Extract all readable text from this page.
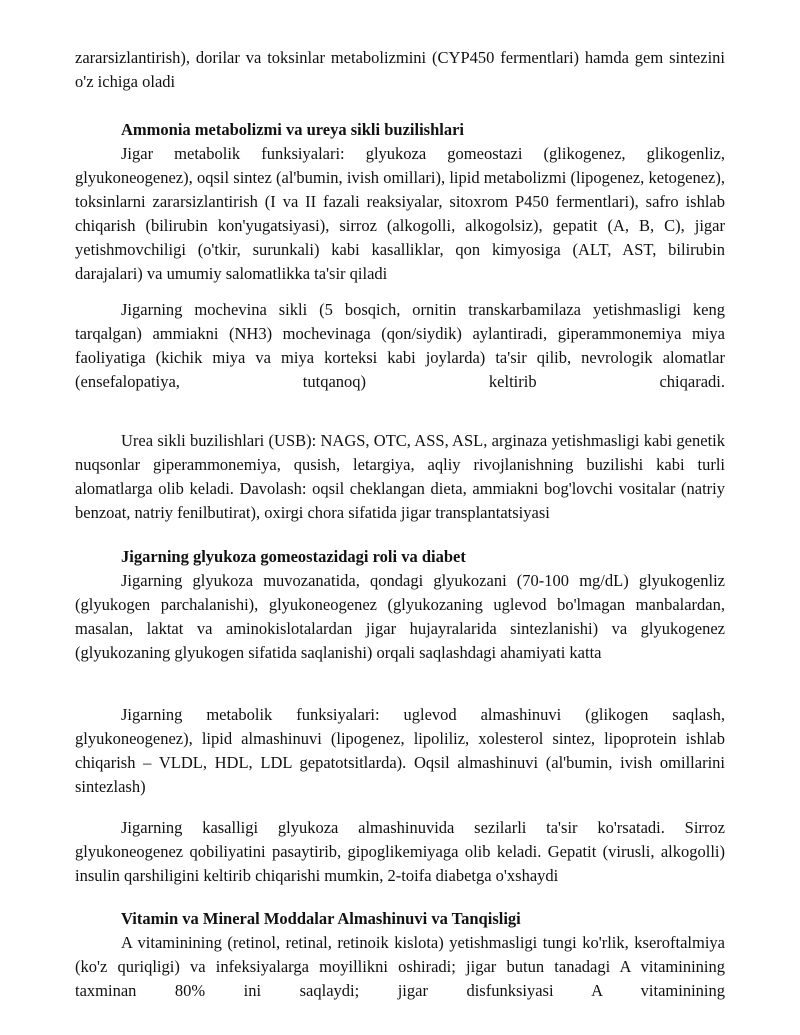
zararsizlantirish), dorilar va toksinlar metabolizmini (CYP450 fermentlari) hamda gem sintezini o'z ichiga oladi

Ammonia metabolizmi va ureya sikli buzilishlari

Jigar metabolik funksiyalari: glyukoza gomeostazi (glikogenez, glikogenliz, glyukoneogenez), oqsil sintez (al'bumin, ivish omillari), lipid metabolizmi (lipogenez, ketogenez), toksinlarni zararsizlantirish (I va II fazali reaksiyalar, sitoxrom P450 fermentlari), safro ishlab chiqarish (bilirubin kon'yugatsiyasi), sirroz (alkogolli, alkogolsiz), gepatit (A, B, C), jigar yetishmovchiligi (o'tkir, surunkali) kabi kasalliklar, qon kimyosiga (ALT, AST, bilirubin darajalari) va umumiy salomatlikka ta'sir qiladi

Jigarning mochevina sikli (5 bosqich, ornitin transkarbamilaza yetishmasligi keng tarqalgan) ammiakni (NH3) mochevinaga (qon/siydik) aylantiradi, giperammonemiya miya faoliyatiga (kichik miya va miya korteksi kabi joylarda) ta'sir qilib, nevrologik alomatlar (ensefalopatiya, tutqanoq) keltirib chiqaradi.

Urea sikli buzilishlari (USB): NAGS, OTC, ASS, ASL, arginaza yetishmasligi kabi genetik nuqsonlar giperammonemiya, qusish, letargiya, aqliy rivojlanishning buzilishi kabi turli alomatlarga olib keladi. Davolash: oqsil cheklangan dieta, ammiakni bog'lovchi vositalar (natriy benzoat, natriy fenilbutirat), oxirgi chora sifatida jigar transplantatsiyasi

Jigarning glyukoza gomeostazidagi roli va diabet

Jigarning glyukoza muvozanatida, qondagi glyukozani (70-100 mg/dL) glyukogenliz (glyukogen parchalanishi), glyukoneogenez (glyukozaning uglevod bo'lmagan manbalardan, masalan, laktat va aminokislotalardan jigar hujayralarida sintezlanishi) va glyukogenez (glyukozaning glyukogen sifatida saqlanishi) orqali saqlashdagi ahamiyati katta

Jigarning metabolik funksiyalari: uglevod almashinuvi (glikogen saqlash, glyukoneogenez), lipid almashinuvi (lipogenez, lipoliliz, xolesterol sintez, lipoprotein ishlab chiqarish – VLDL, HDL, LDL gepatotsitlarda). Oqsil almashinuvi (al'bumin, ivish omillarini sintezlash)

Jigarning kasalligi glyukoza almashinuvida sezilarli ta'sir ko'rsatadi. Sirroz glyukoneogenez qobiliyatini pasaytirib, gipoglikemiyaga olib keladi. Gepatit (virusli, alkogolli) insulin qarshiligini keltirib chiqarishi mumkin, 2-toifa diabetga o'xshaydi

Vitamin va Mineral Moddalar Almashinuvi va Tanqisligi

A vitaminining (retinol, retinal, retinoik kislota) yetishmasligi tungi ko'rlik, kseroftalmiya (ko'z quriqligi) va infeksiyalarga moyillikni oshiradi; jigar butun tanadagi A vitaminining taxminan 80% ini saqlaydi; jigar disfunksiyasi A vitaminining
